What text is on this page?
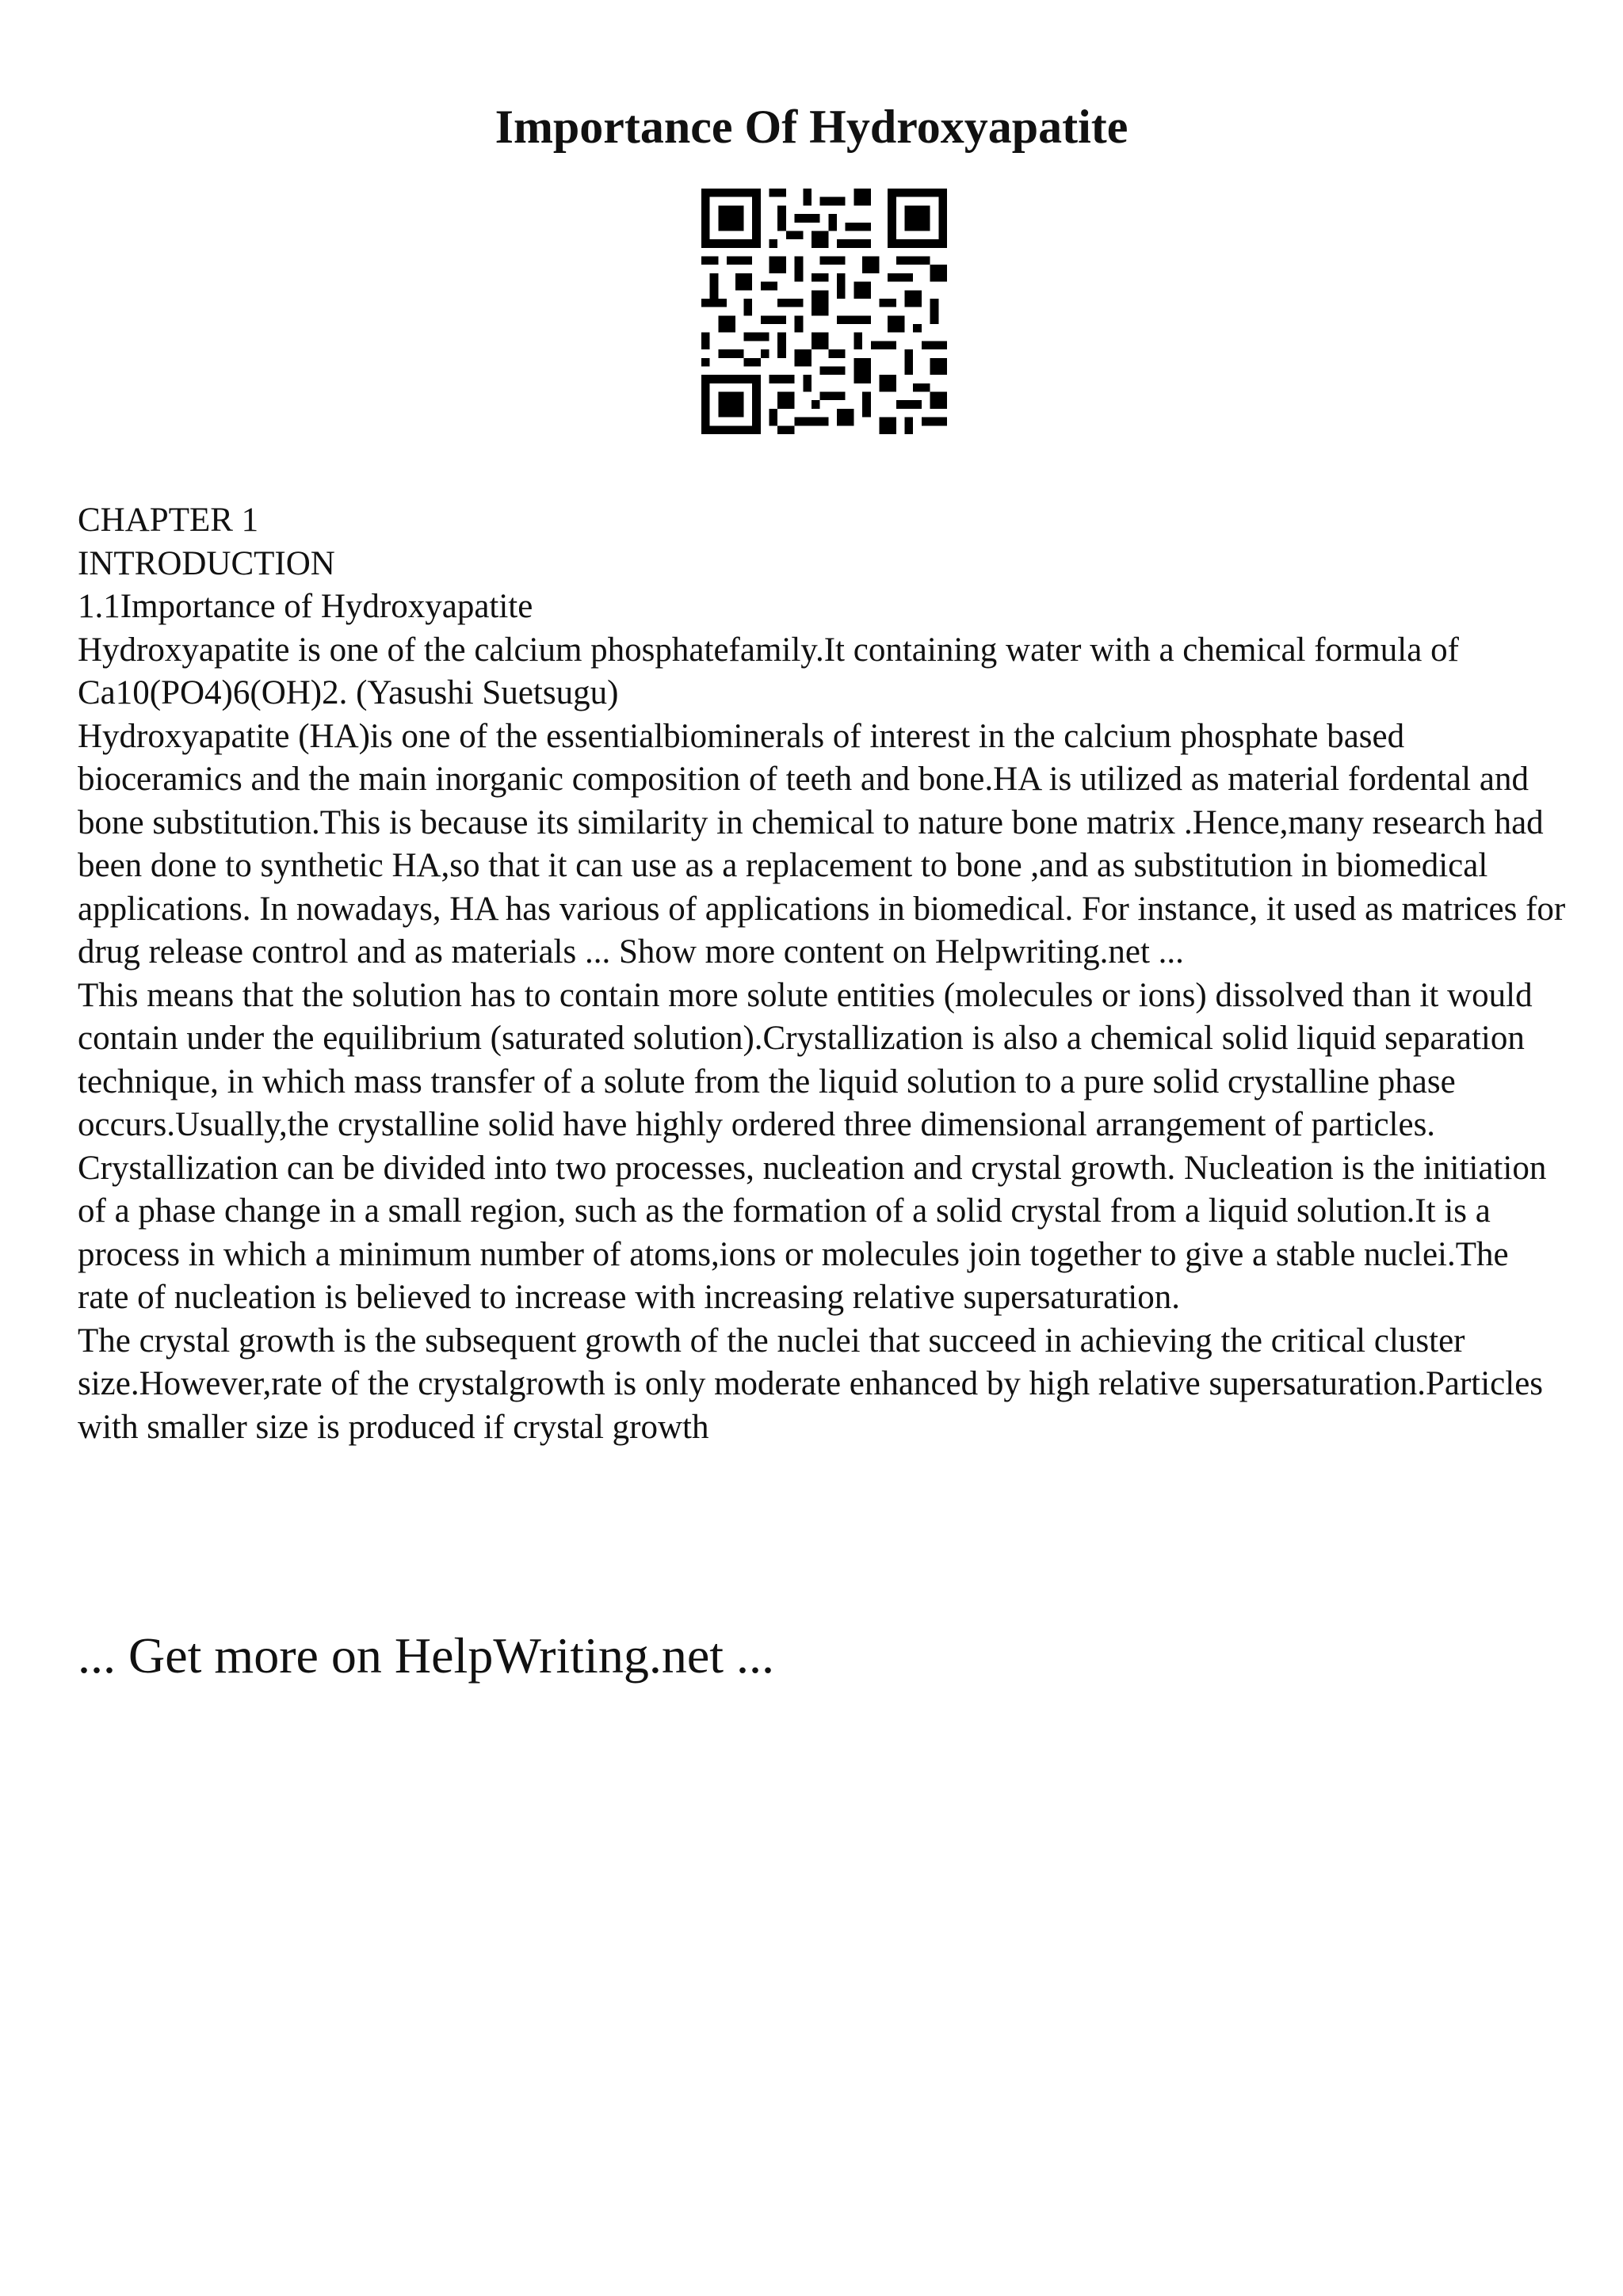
Importance Of Hydroxyapatite

CHAPTER 1

INTRODUCTION

1.1Importance of Hydroxyapatite

Hydroxyapatite is one of the calcium phosphatefamily.It containing water with a chemical formula of Ca10(PO4)6(OH)2. (Yasushi Suetsugu)

Hydroxyapatite (HA)is one of the essentialbiominerals of interest in the calcium phosphate based bioceramics and the main inorganic composition of teeth and bone.HA is utilized as material fordental and bone substitution.This is because its similarity in chemical to nature bone matrix .Hence,many research had been done to synthetic HA,so that it can use as a replacement to bone ,and as substitution in biomedical applications. In nowadays, HA has various of applications in biomedical. For instance, it used as matrices for drug release control and as materials ... Show more content on Helpwriting.net ...

This means that the solution has to contain more solute entities (molecules or ions) dissolved than it would contain under the equilibrium (saturated solution).Crystallization is also a chemical solid liquid separation technique, in which mass transfer of a solute from the liquid solution to a pure solid crystalline phase occurs.Usually,the crystalline solid have highly ordered three dimensional arrangement of particles.

Crystallization can be divided into two processes, nucleation and crystal growth. Nucleation is the initiation of a phase change in a small region, such as the formation of a solid crystal from a liquid solution.It is a process in which a minimum number of atoms,ions or molecules join together to give a stable nuclei.The rate of nucleation is believed to increase with increasing relative supersaturation.

The crystal growth is the subsequent growth of the nuclei that succeed in achieving the critical cluster size.However,rate of the crystalgrowth is only moderate enhanced by high relative supersaturation.Particles with smaller size is produced if crystal growth

... Get more on HelpWriting.net ...
